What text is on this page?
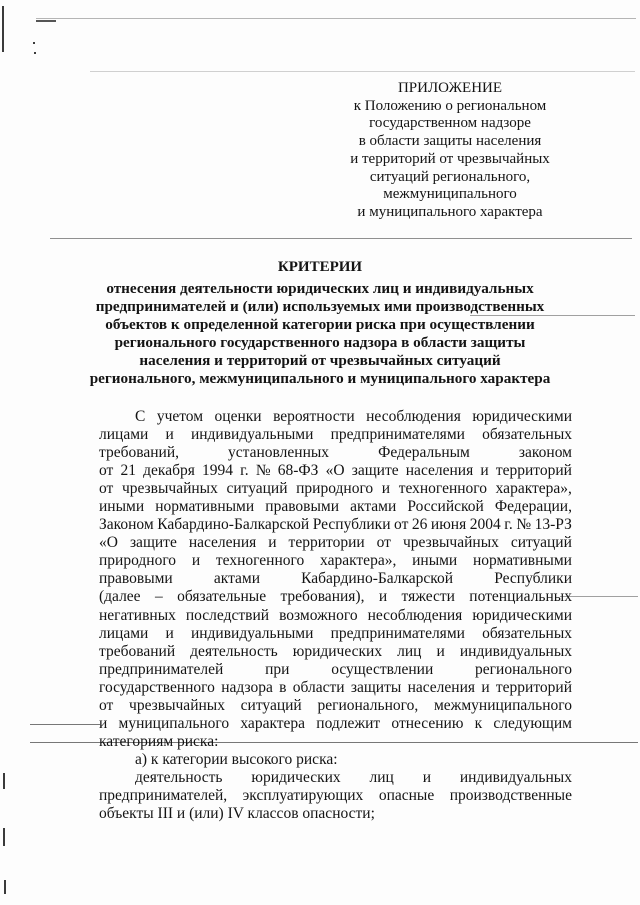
ПРИЛОЖЕНИЕ
к Положению о региональном
государственном надзоре
в области защиты населения
и территорий от чрезвычайных
ситуаций регионального,
межмуниципального
и муниципального характера
КРИТЕРИИ
отнесения деятельности юридических лиц и индивидуальных
предпринимателей и (или) используемых ими производственных
объектов к определенной категории риска при осуществлении
регионального государственного надзора в области защиты
населения и территорий от чрезвычайных ситуаций
регионального, межмуниципального и муниципального характера
С учетом оценки вероятности несоблюдения юридическими
лицами и индивидуальными предпринимателями обязательных
требований,	установленных	Федеральным	законом
от 21 декабря 1994 г. № 68-ФЗ «О защите населения и территорий
от чрезвычайных ситуаций природного и техногенного характера»,
иными нормативными правовыми актами Российской Федерации,
Законом Кабардино-Балкарской Республики от 26 июня 2004 г. № 13-РЗ
«О защите населения и территории от чрезвычайных ситуаций
природного и техногенного характера», иными нормативными
правовыми	актами	Кабардино-Балкарской	Республики
(далее – обязательные требования), и тяжести потенциальных
негативных последствий возможного несоблюдения юридическими
лицами и индивидуальными предпринимателями обязательных
требований деятельность юридических лиц и индивидуальных
предпринимателей	при	осуществлении	регионального
государственного надзора в области защиты населения и территорий
от чрезвычайных ситуаций регионального, межмуниципального
и муниципального характера подлежит отнесению к следующим
категориям риска:
а) к категории высокого риска:
деятельность юридических лиц и индивидуальных
предпринимателей, эксплуатирующих опасные производственные
объекты III и (или) IV классов опасности;
